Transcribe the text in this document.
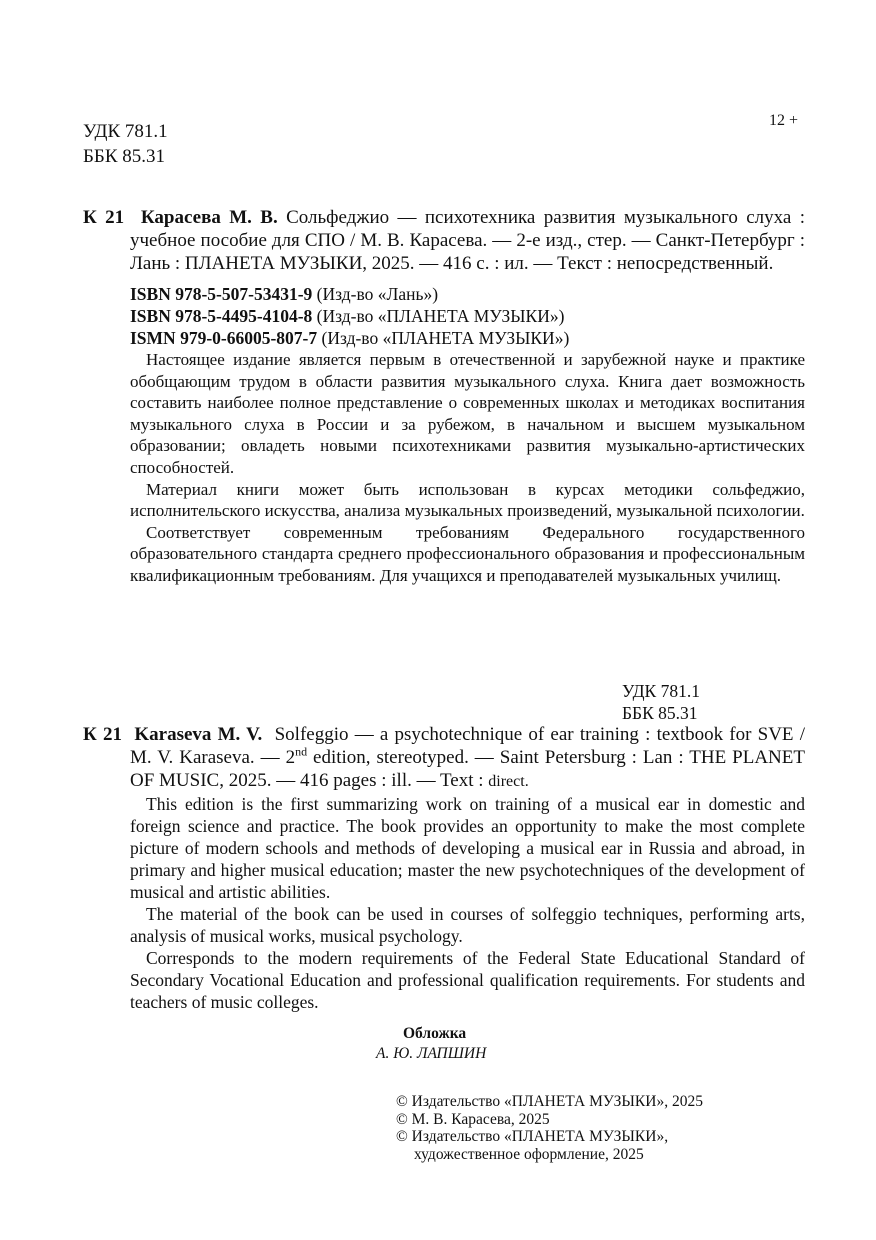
УДК 781.1
ББК 85.31
12 +

К 21 Карасева М. В. Сольфеджио — психотехника развития музыкального слуха : учебное пособие для СПО / М. В. Карасева. — 2-е изд., стер. — Санкт-Петербург : Лань : ПЛАНЕТА МУЗЫКИ, 2025. — 416 с. : ил. — Текст : непосредственный.

ISBN 978-5-507-53431-9 (Изд-во «Лань»)

ISBN 978-5-4495-4104-8 (Изд-во «ПЛАНЕТА МУЗЫКИ»)

ISMN 979-0-66005-807-7 (Изд-во «ПЛАНЕТА МУЗЫКИ»)

Настоящее издание является первым в отечественной и зарубежной науке и практике обобщающим трудом в области развития музыкального слуха. Книга дает возможность составить наиболее полное представление о современных школах и методиках воспитания музыкального слуха в России и за рубежом, в начальном и высшем музыкальном образовании; овладеть новыми психотехниками развития музыкально-артистических способностей.

Материал книги может быть использован в курсах методики сольфеджио, исполнительского искусства, анализа музыкальных произведений, музыкальной психологии.

Соответствует современным требованиям Федерального государственного образовательного стандарта среднего профессионального образования и профессиональным квалификационным требованиям. Для учащихся и преподавателей музыкальных училищ.

УДК 781.1
ББК 85.31

К 21 Karaseva M. V. Solfeggio — a psychotechnique of ear training : textbook for SVE / M. V. Karaseva. — 2nd edition, stereotyped. — Saint Petersburg : Lan : THE PLANET OF MUSIC, 2025. — 416 pages : ill. — Text : direct.

This edition is the first summarizing work on training of a musical ear in domestic and foreign science and practice. The book provides an opportunity to make the most complete picture of modern schools and methods of developing a musical ear in Russia and abroad, in primary and higher musical education; master the new psychotechniques of the development of musical and artistic abilities.

The material of the book can be used in courses of solfeggio techniques, performing arts, analysis of musical works, musical psychology.

Corresponds to the modern requirements of the Federal State Educational Standard of Secondary Vocational Education and professional qualification requirements. For students and teachers of music colleges.

Обложка
А. Ю. ЛАПШИН
© Издательство «ПЛАНЕТА МУЗЫКИ», 2025
© М. В. Карасева, 2025
© Издательство «ПЛАНЕТА МУЗЫКИ»,
художественное оформление, 2025
